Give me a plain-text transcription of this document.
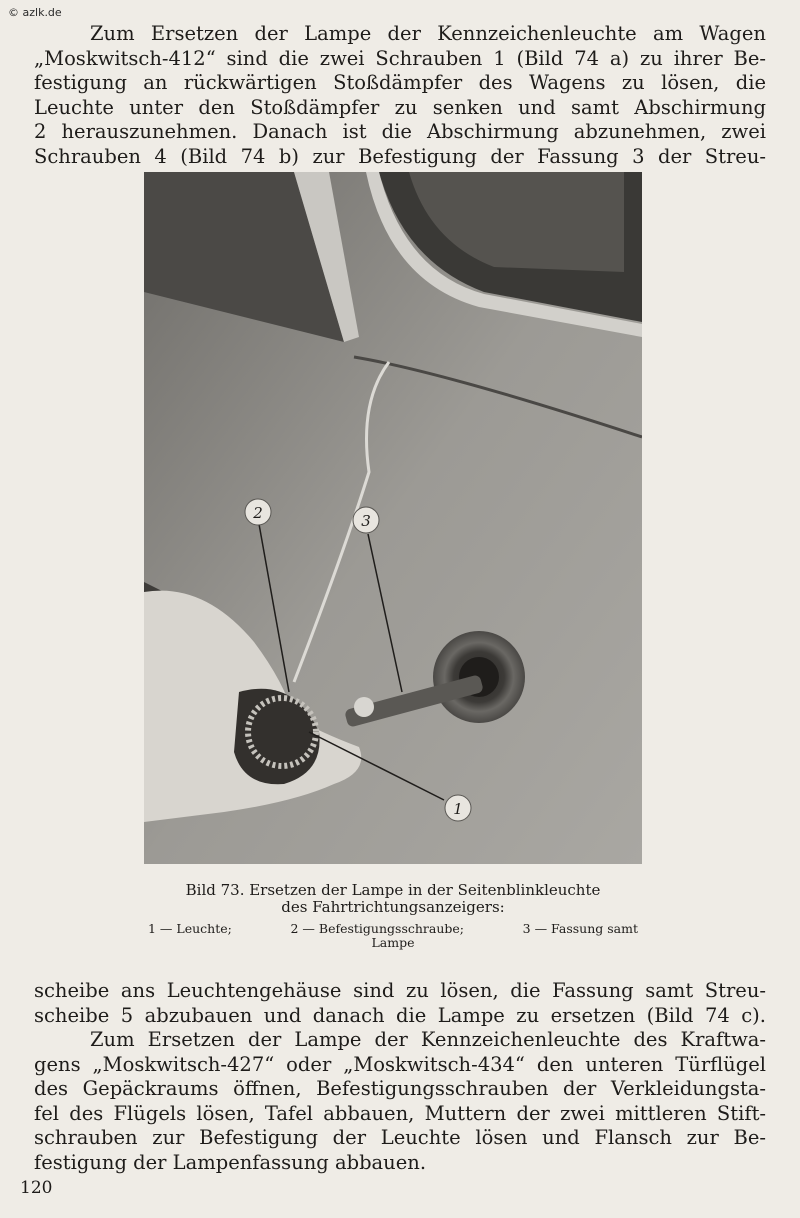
© azlk.de
Zum Ersetzen der Lampe der Kennzeichenleuchte am Wagen
„Moskwitsch-412“ sind die zwei Schrauben 1 (Bild 74 a) zu ihrer Be-
festigung an rückwärtigen Stoßdämpfer des Wagens zu lösen, die
Leuchte unter den Stoßdämpfer zu senken und samt Abschirmung
2 herauszunehmen. Danach ist die Abschirmung abzunehmen, zwei
Schrauben 4 (Bild 74 b) zur Befestigung der Fassung 3 der Streu-
2	3
1
Bild 73. Ersetzen der Lampe in der Seitenblinkleuchte
des Fahrtrichtungsanzeigers:
1 — Leuchte;	2 — Befestigungsschraube;	3 — Fassung samt
Lampe
scheibe ans Leuchtengehäuse sind zu lösen, die Fassung samt Streu-
scheibe 5 abzubauen und danach die Lampe zu ersetzen (Bild 74 c).
Zum Ersetzen der Lampe der Kennzeichenleuchte des Kraftwa-
gens „Moskwitsch-427“ oder „Moskwitsch-434“ den unteren Türflügel
des Gepäckraums öffnen, Befestigungsschrauben der Verkleidungsta-
fel des Flügels lösen, Tafel abbauen, Muttern der zwei mittleren Stift-
schrauben zur Befestigung der Leuchte lösen und Flansch zur Be-
festigung der Lampenfassung abbauen.
120
